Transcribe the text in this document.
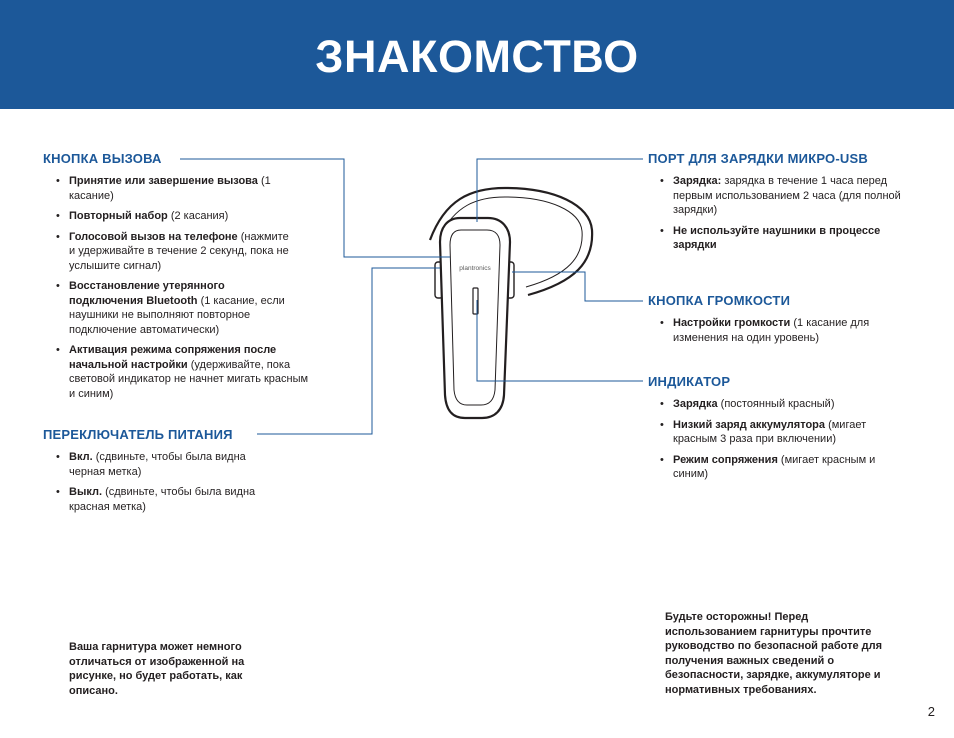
ЗНАКОМСТВО
plantronics
КНОПКА ВЫЗОВА
• Принятие или завершение вызова (1 касание)
• Повторный набор (2 касания)
• Голосовой вызов на телефоне (нажмите и удерживайте в течение 2 секунд, пока не услышите сигнал)
• Восстановление утерянного подключения Bluetooth (1 касание, если наушники не выполняют повторное подключение автоматически)
• Активация режима сопряжения после начальной настройки (удерживайте, пока световой индикатор не начнет мигать красным и синим)
ПЕРЕКЛЮЧАТЕЛЬ ПИТАНИЯ
• Вкл. (сдвиньте, чтобы была видна черная метка)
• Выкл. (сдвиньте, чтобы была видна красная метка)
ПОРТ ДЛЯ ЗАРЯДКИ МИКРО-USB
• Зарядка: зарядка в течение 1 часа перед первым использованием 2 часа (для полной зарядки)
• Не используйте наушники в процессе зарядки
КНОПКА ГРОМКОСТИ
• Настройки громкости (1 касание для изменения на один уровень)
ИНДИКАТОР
• Зарядка (постоянный красный)
• Низкий заряд аккумулятора (мигает красным 3 раза при включении)
• Режим сопряжения (мигает красным и синим)

Ваша гарнитура может немного отличаться от изображенной на рисунке, но будет работать, как описано.

Будьте осторожны! Перед использованием гарнитуры прочтите руководство по безопасной работе для получения важных сведений о безопасности, зарядке, аккумуляторе и нормативных требованиях.

2
